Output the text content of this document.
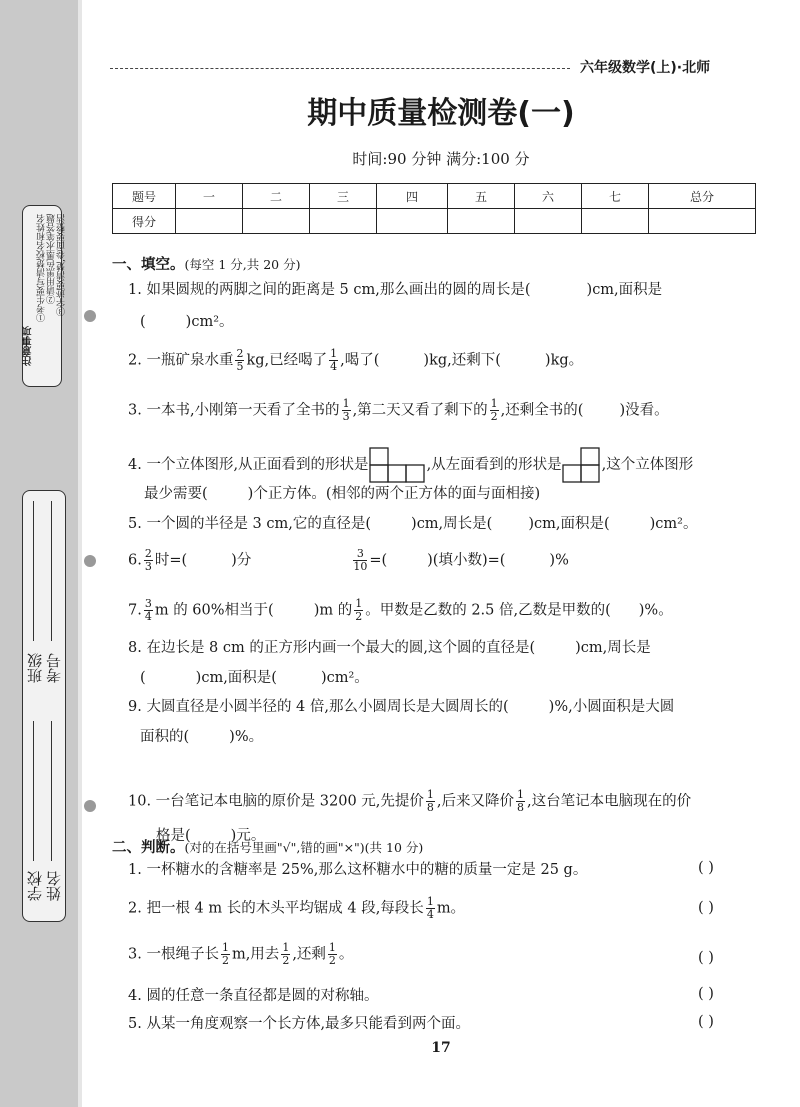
注意事项
①考生要写清楚校名和姓名 ②请用黑色墨水笔答题 ③字迹要清楚,卷面要整洁
学校 姓名
班级 考号
六年级数学(上)·北师
期中质量检测卷(一)
时间:90 分钟 满分:100 分
题号	一	二	三	四	五	六	七	总分
得分								
一、填空。(每空 1 分,共 20 分)
1. 如果圆规的两脚之间的距离是 5 cm,那么画出的圆的周长是(	)cm,面积是
(	)cm²。
2. 一瓶矿泉水重 $\frac{2}{5}$ kg,已经喝了 $\frac{1}{4}$ ,喝了(	)kg,还剩下(	)kg。
3. 一本书,小刚第一天看了全书的 $\frac{1}{3}$ ,第二天又看了剩下的 $\frac{1}{2}$ ,还剩全书的( )没看。
4. 一个立体图形,从正面看到的形状是	,从左面看到的形状是	,这个立体图形
最少需要(	)个正方体。(相邻的两个正方体的面与面相接)
5. 一个圆的半径是 3 cm,它的直径是(	)cm,周长是( )cm,面积是(	)cm²。
6. $\frac{2}{3}$ 时=(	)分	$\frac{3}{10}$ =(	)(填小数)=(	)%
7. $\frac{3}{4}$ m 的 60%相当于(	)m 的 $\frac{1}{2}$ 。甲数是乙数的 2.5 倍,乙数是甲数的( )%。
8. 在边长是 8 cm 的正方形内画一个最大的圆,这个圆的直径是(	)cm,周长是
(	)cm,面积是(	)cm²。
9. 大圆直径是小圆半径的 4 倍,那么小圆周长是大圆周长的(	)%,小圆面积是大圆
面积的(	)%。
10. 一台笔记本电脑的原价是 3200 元,先提价 $\frac{1}{8}$ ,后来又降价 $\frac{1}{8}$ ,这台笔记本电脑现在的价
格是(	)元。
二、判断。(对的在括号里画"√",错的画"×")(共 10 分)
1. 一杯糖水的含糖率是 25%,那么这杯糖水中的糖的质量一定是 25 g。	( )
2. 把一根 4 m 长的木头平均锯成 4 段,每段长 $\frac{1}{4}$ m。	( )
3. 一根绳子长 $\frac{1}{2} m$,用去 $\frac{1}{2}$ ,还剩 $\frac{1}{2}$ 。	( )
4. 圆的任意一条直径都是圆的对称轴。	( )
5. 从某一角度观察一个长方体,最多只能看到两个面。	( )
17
